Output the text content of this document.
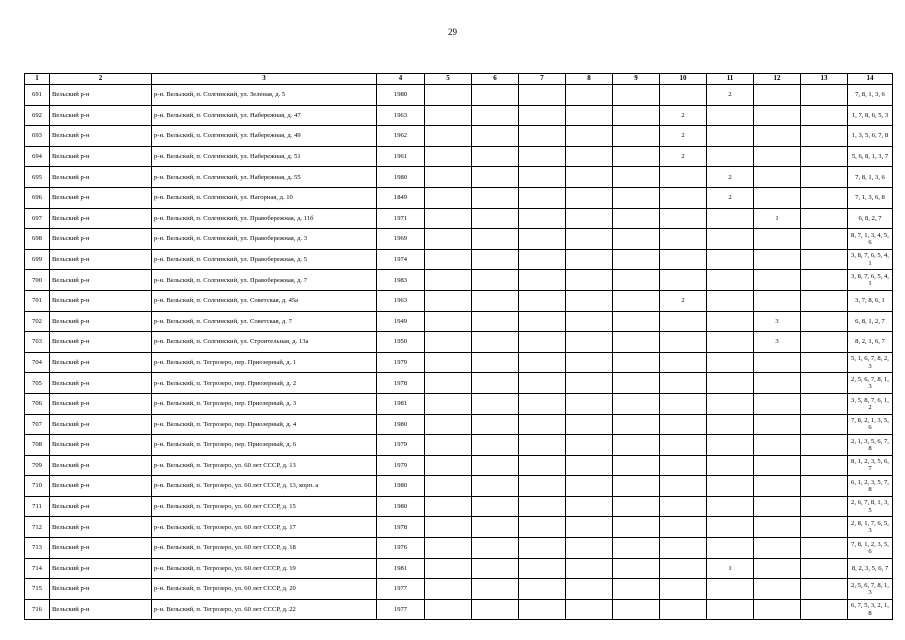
29
1	2	3	4	5	6	7	8	9	10	11	12	13	14
691	Вельский р-н	р-н. Вельский, п. Солгинский, ул. Зеленая, д. 5	1980							2			7, 8, 1, 3, 6
692	Вельский р-н	р-н. Вельский, п. Солгинский, ул. Набережная, д. 47	1963						2				1, 7, 8, 6, 5, 3
693	Вельский р-н	р-н. Вельский, п. Солгинский, ул. Набережная, д. 49	1962						2				1, 3, 5, 6, 7, 8
694	Вельский р-н	р-н. Вельский, п. Солгинский, ул. Набережная, д. 51	1961						2				5, 6, 8, 1, 3, 7
695	Вельский р-н	р-н. Вельский, п. Солгинский, ул. Набережная, д. 55	1980							2			7, 8, 1, 3, 6
696	Вельский р-н	р-н. Вельский, п. Солгинский, ул. Нагорная, д. 10	1849							2			7, 1, 3, 6, 8
697	Вельский р-н	р-н. Вельский, п. Солгинский, ул. Правобережная, д. 11б	1971								1		6, 8, 2, 7
698	Вельский р-н	р-н. Вельский, п. Солгинский, ул. Правобережная, д. 3	1969										8, 7, 1, 3, 4, 5, 6
699	Вельский р-н	р-н. Вельский, п. Солгинский, ул. Правобережная, д. 5	1974										3, 8, 7, 6, 5, 4, 1
700	Вельский р-н	р-н. Вельский, п. Солгинский, ул. Правобережная, д. 7	1983										3, 8, 7, 6, 5, 4, 1
701	Вельский р-н	р-н. Вельский, п. Солгинский, ул. Советская, д. 45а	1963						2				3, 7, 8, 6, 1
702	Вельский р-н	р-н. Вельский, п. Солгинский, ул. Советская, д. 7	1949								3		6, 8, 1, 2, 7
703	Вельский р-н	р-н. Вельский, п. Солгинский, ул. Строительная, д. 13а	1950								3		8, 2, 1, 6, 7
704	Вельский р-н	р-н. Вельский, п. Тегрозеро, пер. Приозерный, д. 1	1979										5, 1, 6, 7, 8, 2, 3
705	Вельский р-н	р-н. Вельский, п. Тегрозеро, пер. Приозерный, д. 2	1978										2, 5, 6, 7, 8, 1, 3
706	Вельский р-н	р-н. Вельский, п. Тегрозеро, пер. Приозерный, д. 3	1981										3, 5, 8, 7, 6, 1, 2
707	Вельский р-н	р-н. Вельский, п. Тегрозеро, пер. Приозерный, д. 4	1980										7, 8, 2, 1, 3, 5, 6
708	Вельский р-н	р-н. Вельский, п. Тегрозеро, пер. Приозерный, д. 6	1979										2, 1, 3, 5, 6, 7, 8
709	Вельский р-н	р-н. Вельский, п. Тегрозеро, ул. 60 лет СССР, д. 13	1979										8, 1, 2, 3, 5, 6, 7
710	Вельский р-н	р-н. Вельский, п. Тегрозеро, ул. 60 лет СССР, д. 13, корп. а	1980										6, 1, 2, 3, 5, 7, 8
711	Вельский р-н	р-н. Вельский, п. Тегрозеро, ул. 60 лет СССР, д. 15	1980										2, 6, 7, 8, 1, 3, 5
712	Вельский р-н	р-н. Вельский, п. Тегрозеро, ул. 60 лет СССР, д. 17	1978										2, 8, 1, 7, 6, 5, 3
713	Вельский р-н	р-н. Вельский, п. Тегрозеро, ул. 60 лет СССР, д. 18	1976										7, 8, 1, 2, 3, 5, 6
714	Вельский р-н	р-н. Вельский, п. Тегрозеро, ул. 60 лет СССР, д. 19	1981							1			8, 2, 3, 5, 6, 7
715	Вельский р-н	р-н. Вельский, п. Тегрозеро, ул. 60 лет СССР, д. 20	1977										2, 5, 6, 7, 8, 1, 3
716	Вельский р-н	р-н. Вельский, п. Тегрозеро, ул. 60 лет СССР, д. 22	1977										6, 7, 5, 3, 2, 1, 8
